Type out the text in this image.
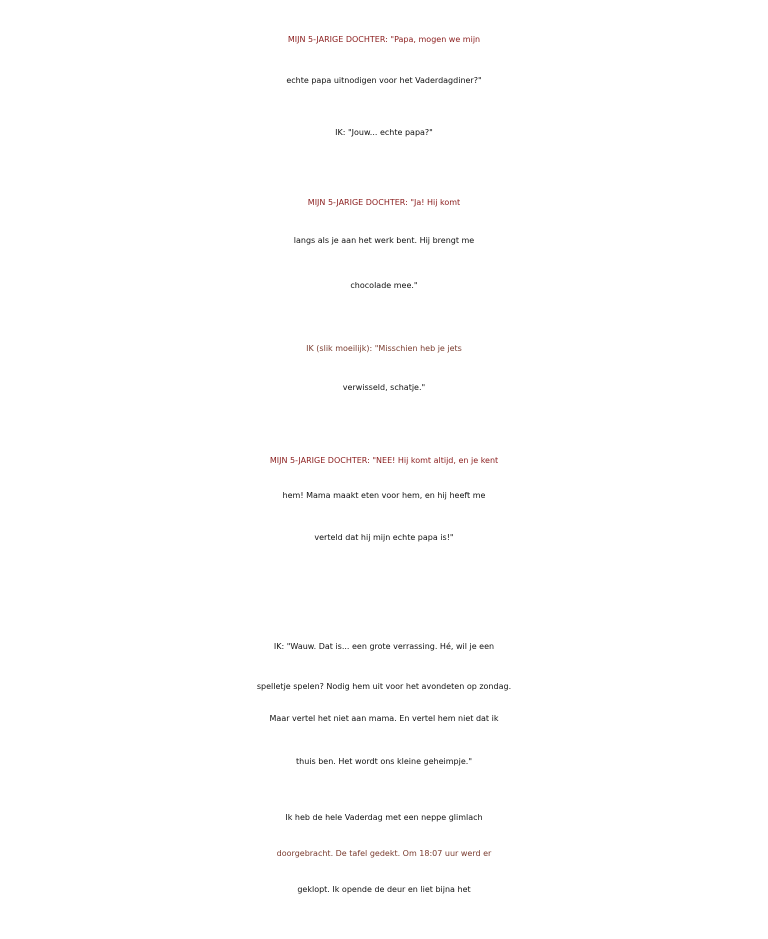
MIJN 5-JARIGE DOCHTER: "Papa, mogen we mijn
echte papa uitnodigen voor het Vaderdagdiner?"
IK: "Jouw... echte papa?"
MIJN 5-JARIGE DOCHTER: "Ja! Hij komt
langs als je aan het werk bent. Hij brengt me
chocolade mee."
IK (slik moeilijk): "Misschien heb je jets
verwisseld, schatje."
MIJN 5-JARIGE DOCHTER: "NEE! Hij komt altijd, en je kent
hem! Mama maakt eten voor hem, en hij heeft me
verteld dat hij mijn echte papa is!"
IK: "Wauw. Dat is... een grote verrassing. Hé, wil je een
spelletje spelen? Nodig hem uit voor het avondeten op zondag.
Maar vertel het niet aan mama. En vertel hem niet dat ik
thuis ben. Het wordt ons kleine geheimpje."
Ik heb de hele Vaderdag met een neppe glimlach
doorgebracht. De tafel gedekt. Om 18:07 uur werd er
geklopt. Ik opende de deur en liet bijna het
